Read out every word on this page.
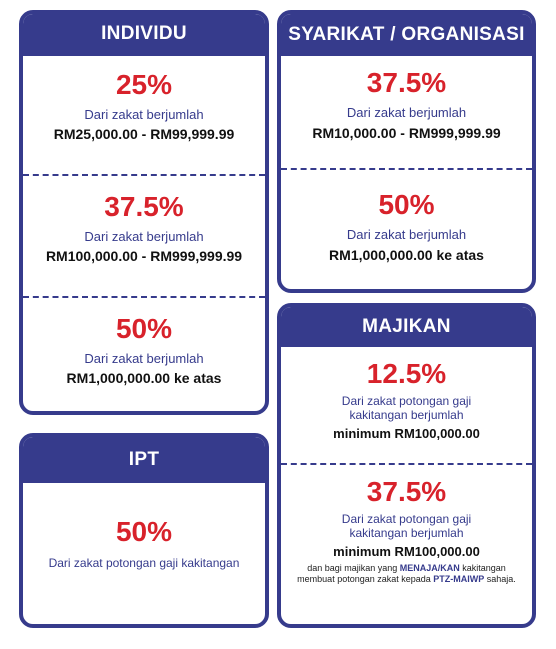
INDIVIDU
25%
Dari zakat berjumlah
RM25,000.00 - RM99,999.99
37.5%
Dari zakat berjumlah
RM100,000.00 - RM999,999.99
50%
Dari zakat berjumlah
RM1,000,000.00 ke atas
SYARIKAT / ORGANISASI
37.5%
Dari zakat berjumlah
RM10,000.00 - RM999,999.99
50%
Dari zakat berjumlah
RM1,000,000.00 ke atas
IPT
50%
Dari zakat potongan gaji kakitangan
MAJIKAN
12.5%
Dari zakat potongan gaji
kakitangan berjumlah
minimum RM100,000.00
37.5%
Dari zakat potongan gaji
kakitangan berjumlah
minimum RM100,000.00
dan bagi majikan yang MENAJA/KAN kakitangan membuat potongan zakat kepada PTZ-MAIWP sahaja.
